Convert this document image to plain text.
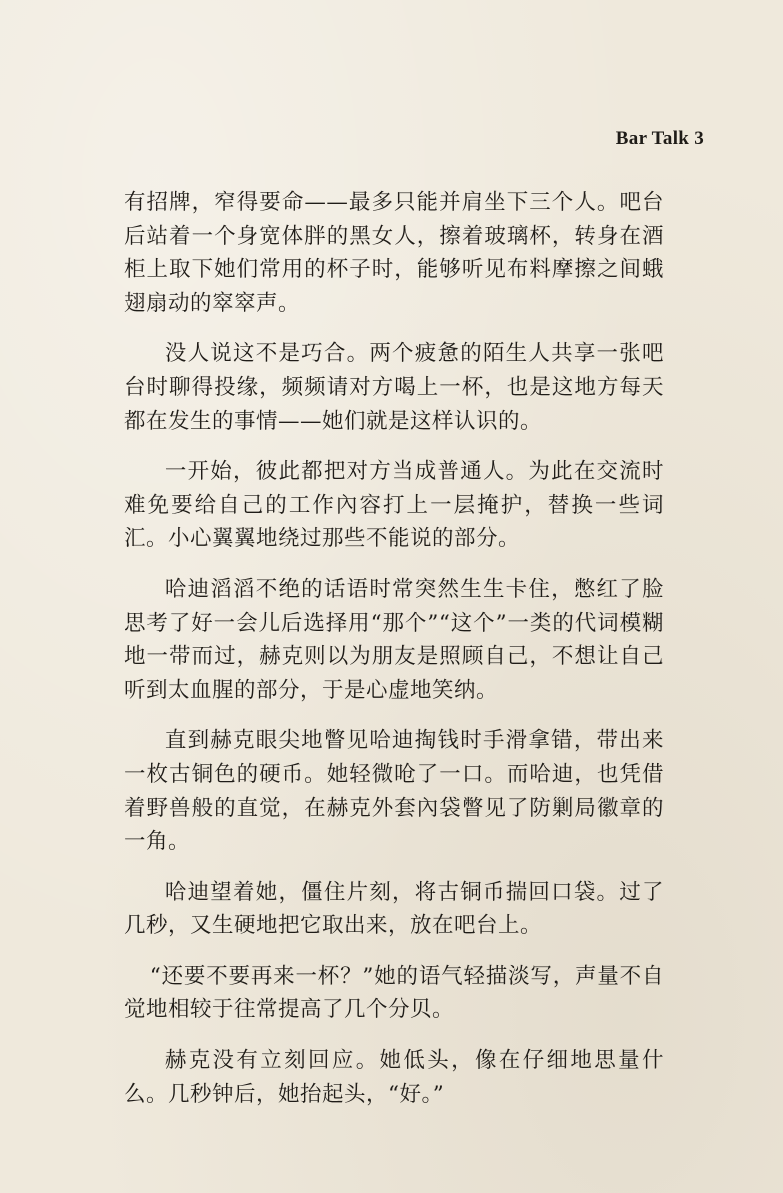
Bar Talk 3

有招牌，窄得要命——最多只能并肩坐下三个人。吧台后站着一个身宽体胖的黑女人，擦着玻璃杯，转身在酒柜上取下她们常用的杯子时，能够听见布料摩擦之间蛾翅扇动的窣窣声。

没人说这不是巧合。两个疲惫的陌生人共享一张吧台时聊得投缘，频频请对方喝上一杯，也是这地方每天都在发生的事情——她们就是这样认识的。

一开始，彼此都把对方当成普通人。为此在交流时难免要给自己的工作內容打上一层掩护，替换一些词汇。小心翼翼地绕过那些不能说的部分。

哈迪滔滔不绝的话语时常突然生生卡住，憋红了脸思考了好一会儿后选择用“那个”“这个”一类的代词模糊地一带而过，赫克则以为朋友是照顾自己，不想让自己听到太血腥的部分，于是心虚地笑纳。

直到赫克眼尖地瞥见哈迪掏钱时手滑拿错，带出来一枚古铜色的硬币。她轻微呛了一口。而哈迪，也凭借着野兽般的直觉，在赫克外套內袋瞥见了防剿局徽章的一角。

哈迪望着她，僵住片刻，将古铜币揣回口袋。过了几秒，又生硬地把它取出来，放在吧台上。

“还要不要再来一杯？”她的语气轻描淡写，声量不自觉地相较于往常提高了几个分贝。

赫克没有立刻回应。她低头，像在仔细地思量什么。几秒钟后，她抬起头，“好。”
